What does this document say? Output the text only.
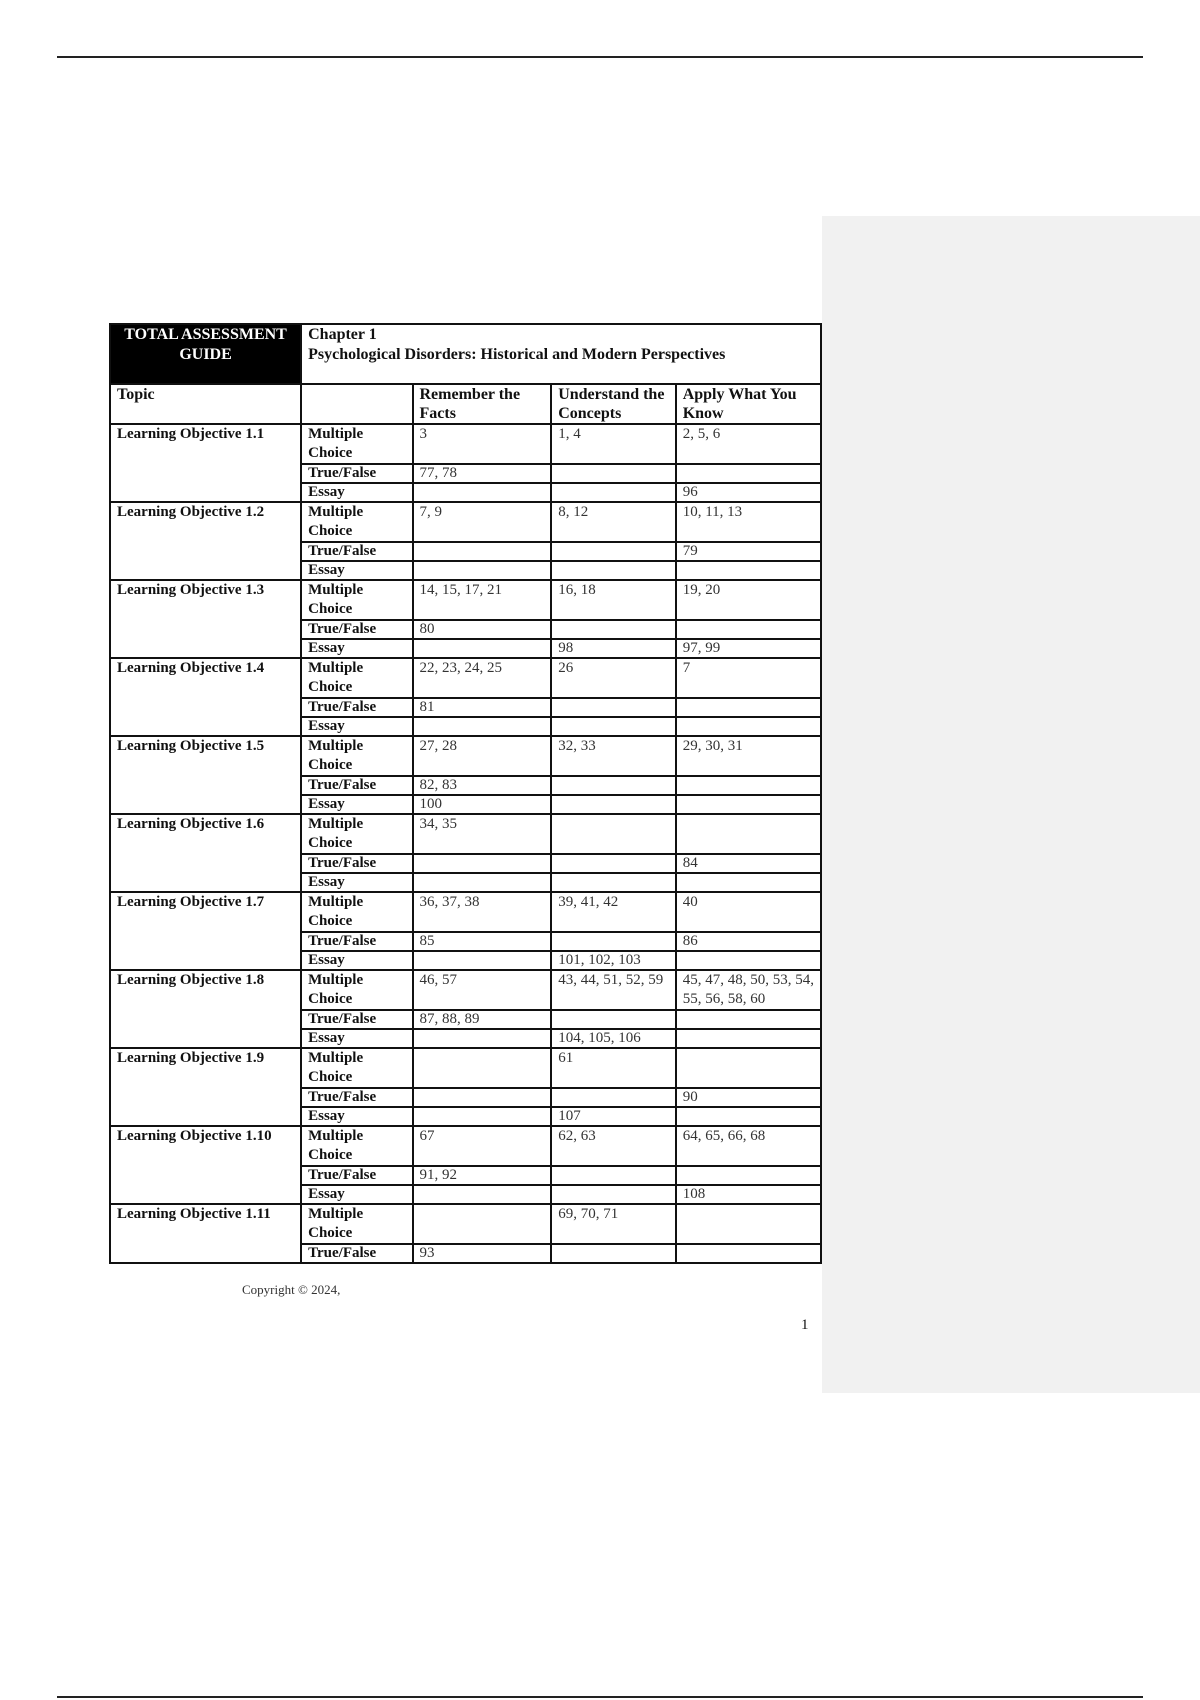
TOTAL ASSESSMENT GUIDE	Chapter 1
Psychological Disorders: Historical and Modern Perspectives			

Topic		Remember the Facts	Understand the Concepts	Apply What You Know
Learning Objective 1.1	Multiple Choice	3	1, 4	2, 5, 6
	True/False	77, 78		
	Essay			96
Learning Objective 1.2	Multiple Choice	7, 9	8, 12	10, 11, 13
	True/False			79
	Essay			
Learning Objective 1.3	Multiple Choice	14, 15, 17, 21	16, 18	19, 20
	True/False	80		
	Essay		98	97, 99
Learning Objective 1.4	Multiple Choice	22, 23, 24, 25	26	7
	True/False	81		
	Essay			
Learning Objective 1.5	Multiple Choice	27, 28	32, 33	29, 30, 31
	True/False	82, 83		
	Essay	100		
Learning Objective 1.6	Multiple Choice	34, 35		
	True/False			84
	Essay			
Learning Objective 1.7	Multiple Choice	36, 37, 38	39, 41, 42	40
	True/False	85		86
	Essay		101, 102, 103	
Learning Objective 1.8	Multiple Choice	46, 57	43, 44, 51, 52, 59	45, 47, 48, 50, 53, 54, 55, 56, 58, 60
	True/False	87, 88, 89		
	Essay		104, 105, 106	
Learning Objective 1.9	Multiple Choice		61	
	True/False			90
	Essay		107	
Learning Objective 1.10	Multiple Choice	67	62, 63	64, 65, 66, 68
	True/False	91, 92		
	Essay			108
Learning Objective 1.11	Multiple Choice		69, 70, 71	
	True/False	93		
Copyright © 2024,
1
